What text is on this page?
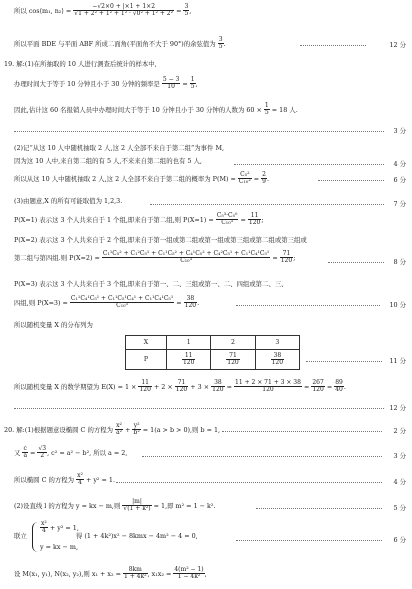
所以 cos⟨m₁, n₂⟩ = $\frac{-√2\times 0 + |\times 1 + 1\times 2}{\text{√1 + 2² + 1² + 1² · √0² + 1² + 2²}} = \frac{3}{5}$ ,
所以平面 BDE 与平面 ABF 所成二面角(平面角不大于 90°)的余弦值为 $\frac{3}{5}$ .	12 分
19. 解:(1)在所抽取的 10 人进行测查后统计的样本中,
办理时间大于等于 10 分钟且小于 30 分钟的频率是 $\frac{5 - 3}{10} = \frac{1}{5}$ ,
因此,估计这 60 名报销人员中办理时间大于等于 10 分钟且小于 30 分钟的人数为 $60 \times \frac{1}{5} = 18$ 人.
3 分
(2)记“从这 10 人中随机抽取 2 人,这 2 人全部不来自于第二组”为事件 M,
因为这 10 人中,来自第二组的有 5 人,不来来自第二组的也有 5 人,	4 分
所以从这 10 人中随机抽取 2 人,这 2 人全部不来自于第二组的概率为 $P(M) = \frac{\text{C₅²}}{\text{C₁₀²}} = \frac{2}{9}$ .	6 分
(3)由题意,X 的所有可能取值为 1,2,3.	7 分
P(X=1) 表示这 3 个人共来自于 1 个组,即来自于第二组,则 $P(X=1) = \frac{\text{C₅³·C₅⁰}}{\text{C₁₀³}} = \frac{11}{120}$ ;
P(X=2) 表示这 3 个人共来自于 2 个组,即来自于第一组或第二组或第一组或第三组或第二组或第三组或
第二组与第四组.则 $P(X=2) = \frac{\text{C₁¹C₅² + C₁²C₅¹ + C₁¹C₅² + C₄¹C₅² + C₄²C₅¹ + C₁¹C₄¹C₅¹}}{\text{C₁₀³}} = \frac{71}{120}$ ;
8 分
P(X=3) 表示这 3 个人共来自于 3 个组,即来自于第一、二、三组或第一、二、四组或第二、三、
四组,则 $P(X=3) = \frac{\text{C₁¹C₄¹C₅¹ + C₁¹C₅¹C₄¹ + C₁¹C₄¹C₅¹}}{\text{C₁₀³}} = \frac{38}{120}$ .	10 分
所以随机变量 X 的分布列为
X	1	2	3
P	$\frac{11}{120}$	$\frac{71}{120}$	$\frac{38}{120}$	11 分
所以随机变量 X 的数学期望为 $E(X) = 1 \times \frac{11}{120} + 2 \times \frac{71}{120} + 3 \times \frac{38}{120} = \frac{11 + 2 \times 71 + 3 \times 38}{120} = \frac{267}{120} = \frac{89}{40}$ .
12 分
20. 解:(1)根据题意设椭圆 C 的方程为 $\frac{\text{x²}}{\text{a²}} + \frac{\text{y²}}{\text{b²}} = 1(a > b > 0)$,则 b = 1,	2 分
又 $\frac{c}{a} = \frac{√3}{2}$ , c² = a² − b², 所以 a = 2,	3 分
所以椭圆 C 的方程为 $\frac{\text{x²}}{4} + y^2 = 1$.	4 分
(2)设直线 l 的方程为 y = kx − m,则 $\frac{|m|}{\text{√(1 + k²)}} = 1$,即 m² = 1 − k².	5 分
联立
$\frac{\text{x²}}{4} + y^2 = 1$,
y = kx − m,
得 (1 + 4k²)x² − 8kmx − 4m² − 4 = 0,	6 分
设 M(x₁, y₁), N(x₂, y₂),则 $x_1 + x_2 = \frac{8km}{\text{1 + 4k²}}$ , $x_1x_2 = \frac{\text{4(m² − 1)}}{\text{1 − 4k²}}$ ,
